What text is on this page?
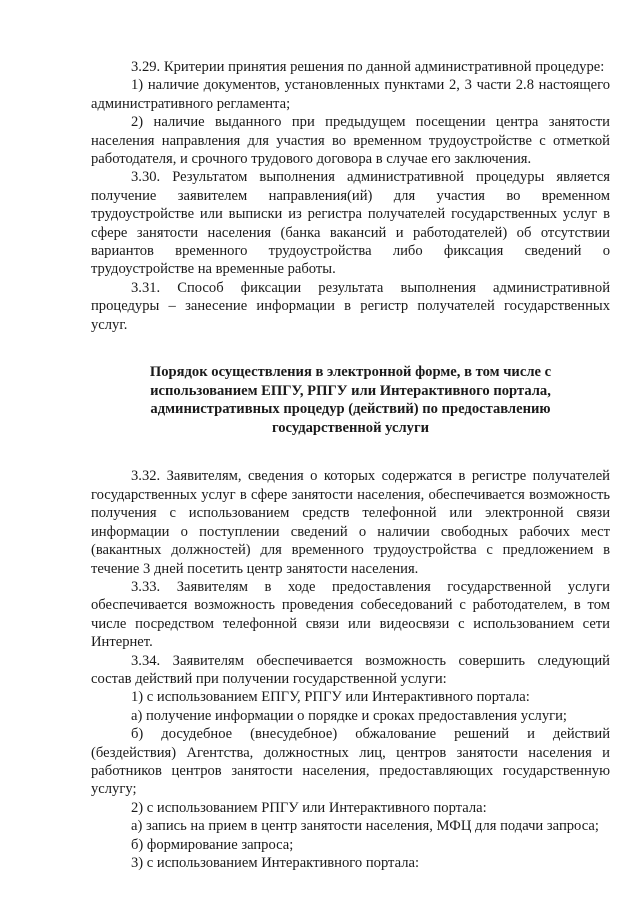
3.29. Критерии принятия решения по данной административной процедуре:

1) наличие документов, установленных пунктами 2, 3 части 2.8 настоящего административного регламента;

2) наличие выданного при предыдущем посещении центра занятости населения направления для участия во временном трудоустройстве с отметкой работодателя, и срочного трудового договора в случае его заключения.

3.30. Результатом выполнения административной процедуры является получение заявителем направления(ий) для участия во временном трудоустройстве или выписки из регистра получателей государственных услуг в сфере занятости населения (банка вакансий и работодателей) об отсутствии вариантов временного трудоустройства либо фиксация сведений о трудоустройстве на временные работы.

3.31. Способ фиксации результата выполнения административной процедуры – занесение информации в регистр получателей государственных услуг.

Порядок осуществления в электронной форме, в том числе с
использованием ЕПГУ, РПГУ или Интерактивного портала,
административных процедур (действий) по предоставлению
государственной услуги

3.32. Заявителям, сведения о которых содержатся в регистре получателей государственных услуг в сфере занятости населения, обеспечивается возможность получения с использованием средств телефонной или электронной связи информации о поступлении сведений о наличии свободных рабочих мест (вакантных должностей) для временного трудоустройства с предложением в течение 3 дней посетить центр занятости населения.

3.33. Заявителям в ходе предоставления государственной услуги обеспечивается возможность проведения собеседований с работодателем, в том числе посредством телефонной связи или видеосвязи с использованием сети Интернет.

3.34. Заявителям обеспечивается возможность совершить следующий состав действий при получении государственной услуги:

1) с использованием ЕПГУ, РПГУ или Интерактивного портала:

а) получение информации о порядке и сроках предоставления услуги;

б) досудебное (внесудебное) обжалование решений и действий (бездействия) Агентства, должностных лиц, центров занятости населения и работников центров занятости населения, предоставляющих государственную услугу;

2) с использованием РПГУ или Интерактивного портала:

а) запись на прием в центр занятости населения, МФЦ для подачи запроса;

б) формирование запроса;

3) с использованием Интерактивного портала:
